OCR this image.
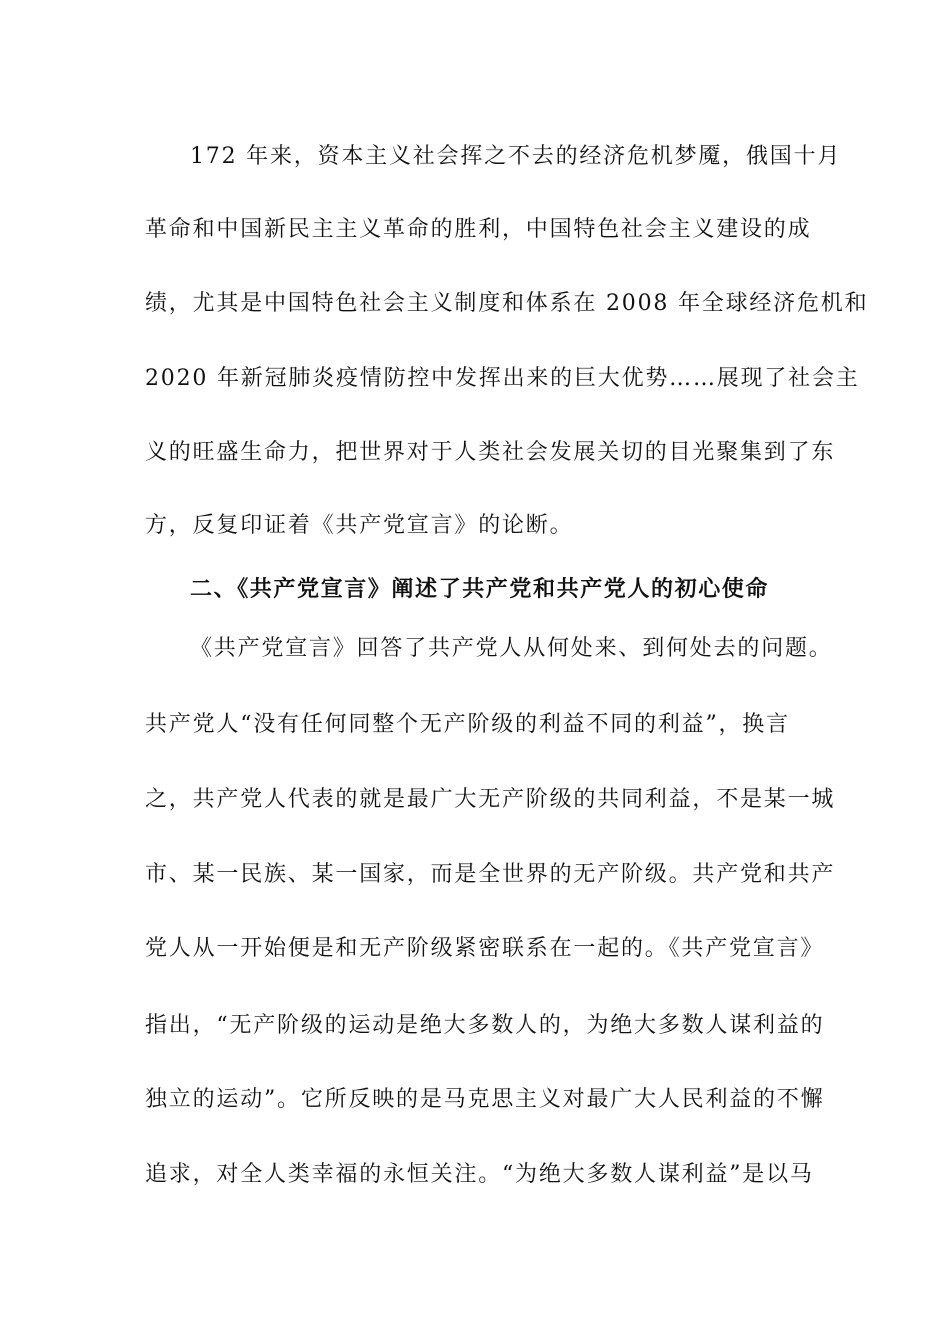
172 年来，资本主义社会挥之不去的经济危机梦魇，俄国十月
革命和中国新民主主义革命的胜利，中国特色社会主义建设的成
绩，尤其是中国特色社会主义制度和体系在 2008 年全球经济危机和
2020 年新冠肺炎疫情防控中发挥出来的巨大优势……展现了社会主
义的旺盛生命力，把世界对于人类社会发展关切的目光聚集到了东
方，反复印证着《共产党宣言》的论断。
二、《共产党宣言》阐述了共产党和共产党人的初心使命
《共产党宣言》回答了共产党人从何处来、到何处去的问题。
共产党人“没有任何同整个无产阶级的利益不同的利益”，换言
之，共产党人代表的就是最广大无产阶级的共同利益，不是某一城
市、某一民族、某一国家，而是全世界的无产阶级。共产党和共产
党人从一开始便是和无产阶级紧密联系在一起的。《共产党宣言》
指出，“无产阶级的运动是绝大多数人的，为绝大多数人谋利益的
独立的运动”。它所反映的是马克思主义对最广大人民利益的不懈
追求，对全人类幸福的永恒关注。“为绝大多数人谋利益”是以马
